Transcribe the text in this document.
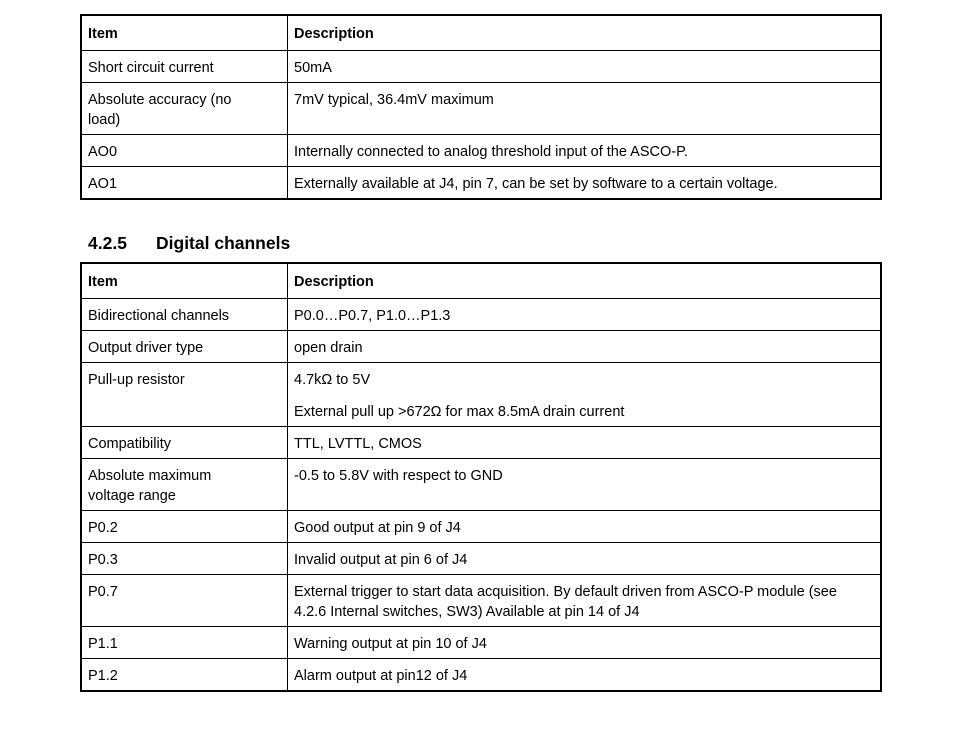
Item	Description
Short circuit current	50mA
Absolute accuracy (no load)	7mV typical, 36.4mV maximum
AO0	Internally connected to analog threshold input of the ASCO-P.
AO1	Externally available at J4, pin 7, can be set by software to a certain voltage.
4.2.5 Digital channels
Item	Description
Bidirectional channels	P0.0…P0.7, P1.0…P1.3
Output driver type	open drain
Pull-up resistor	4.7kΩ to 5V
External pull up >672Ω for max 8.5mA drain current

Compatibility	TTL, LVTTL, CMOS
Absolute maximum voltage range	-0.5 to 5.8V with respect to GND
P0.2	Good output at pin 9 of J4
P0.3	Invalid output at pin 6 of J4
P0.7	External trigger to start data acquisition. By default driven from ASCO-P module (see 4.2.6 Internal switches, SW3) Available at pin 14 of J4
P1.1	Warning output at pin 10 of J4
P1.2	Alarm output at pin12 of J4
